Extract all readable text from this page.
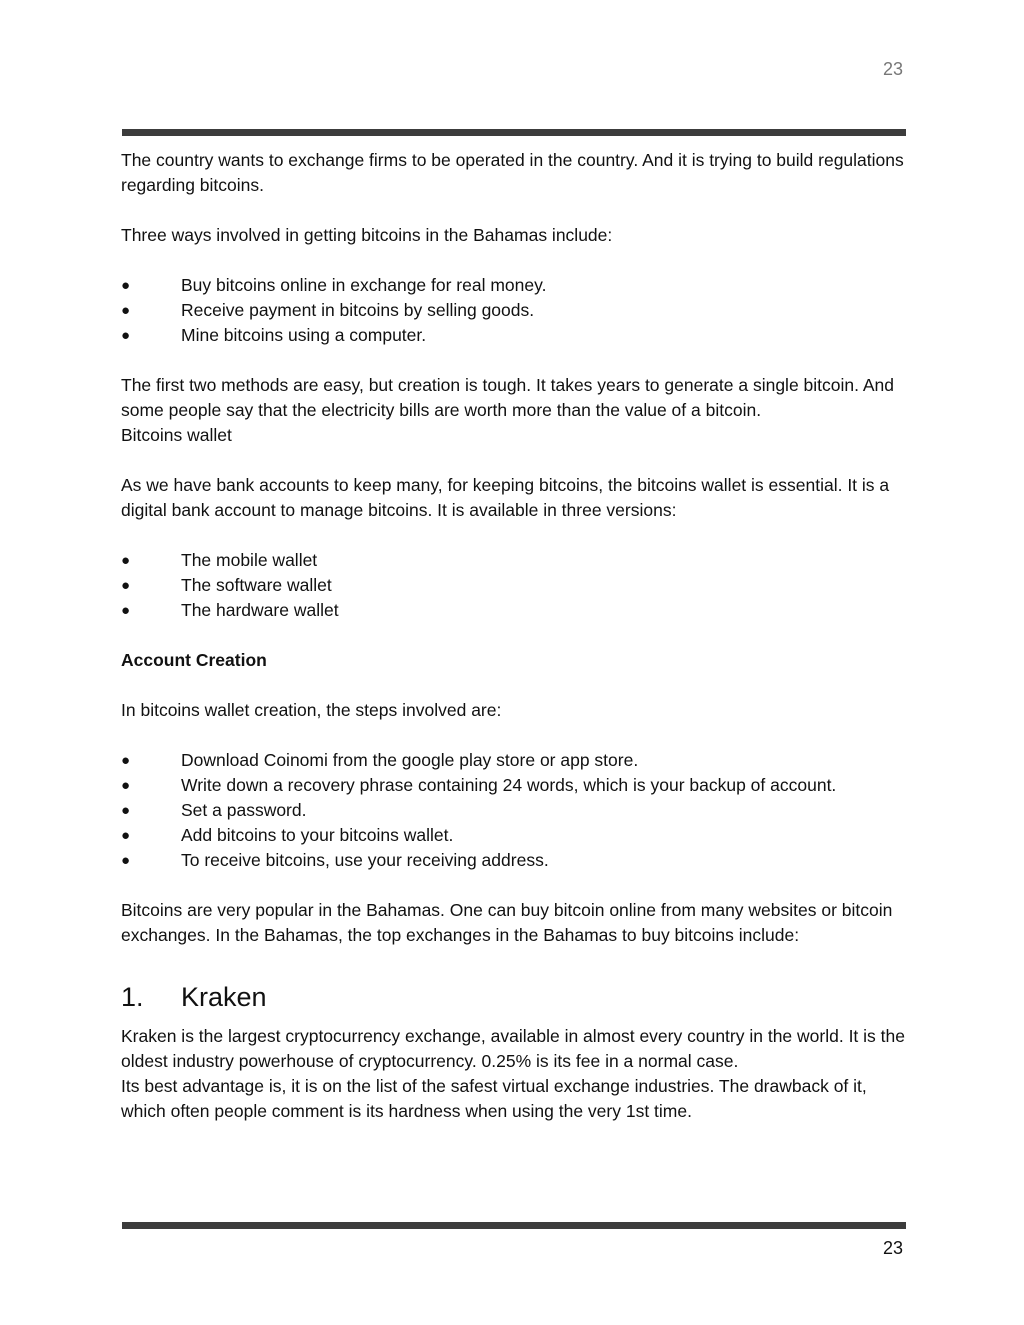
23

The country wants to exchange firms to be operated in the country. And it is trying to build regulations regarding bitcoins.

Three ways involved in getting bitcoins in the Bahamas include:

●	Buy bitcoins online in exchange for real money.
●	Receive payment in bitcoins by selling goods.
●	Mine bitcoins using a computer.

The first two methods are easy, but creation is tough. It takes years to generate a single bitcoin. And some people say that the electricity bills are worth more than the value of a bitcoin.

Bitcoins wallet

As we have bank accounts to keep many, for keeping bitcoins, the bitcoins wallet is essential. It is a digital bank account to manage bitcoins. It is available in three versions:

●	The mobile wallet
●	The software wallet
●	The hardware wallet

Account Creation

In bitcoins wallet creation, the steps involved are:

●	Download Coinomi from the google play store or app store.
●	Write down a recovery phrase containing 24 words, which is your backup of account.
●	Set a password.
●	Add bitcoins to your bitcoins wallet.
●	To receive bitcoins, use your receiving address.

Bitcoins are very popular in the Bahamas. One can buy bitcoin online from many websites or bitcoin exchanges. In the Bahamas, the top exchanges in the Bahamas to buy bitcoins include:

1. Kraken

Kraken is the largest cryptocurrency exchange, available in almost every country in the world. It is the oldest industry powerhouse of cryptocurrency. 0.25% is its fee in a normal case.

Its best advantage is, it is on the list of the safest virtual exchange industries. The drawback of it, which often people comment is its hardness when using the very 1st time.

23
